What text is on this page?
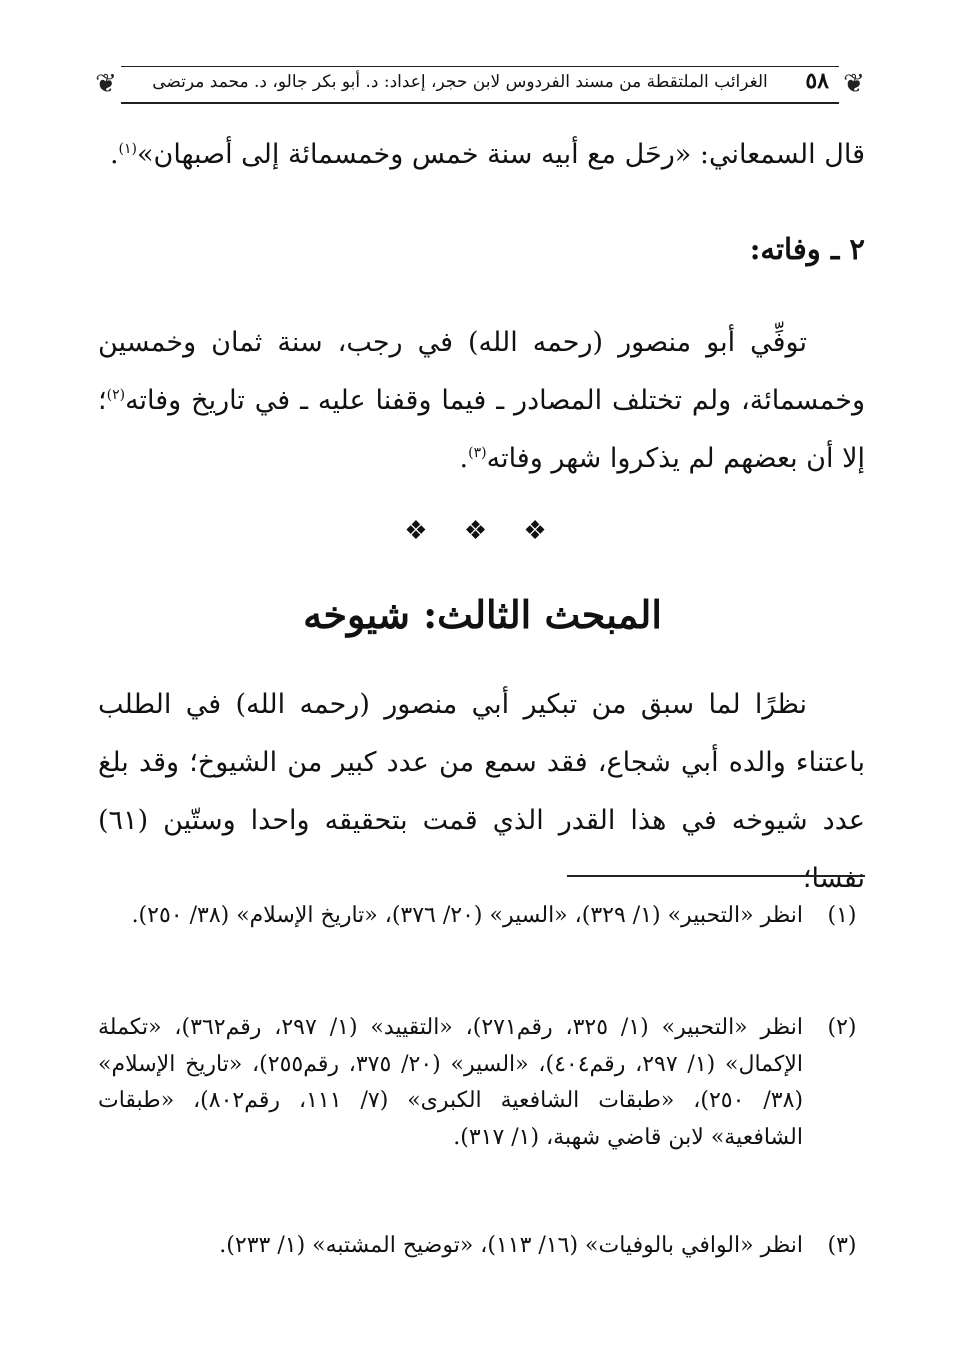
❦
❦	٥٨
الغرائب الملتقطة من مسند الفردوس لابن حجر، إعداد: د. أبو بكر جالو، د. محمد مرتضى
قال السمعاني: «رحَل مع أبيه سنة خمس وخمسمائة إلى أصبهان»$^{(١)}$.
٢ ـ وفاته:
توفِّي أبو منصور (رحمه الله) في رجب، سنة ثمان وخمسين وخمسمائة، ولم تختلف المصادر ـ فيما وقفنا عليه ـ في تاريخ وفاته$^{(٢)}$؛ إلا أن بعضهم لم يذكروا شهر وفاته$^{(٣)}$.
❖ ❖ ❖
المبحث الثالث: شيوخه
نظرًا لما سبق من تبكير أبي منصور (رحمه الله) في الطلب باعتناء والده أبي شجاع، فقد سمع من عدد كبير من الشيوخ؛ وقد بلغ عدد شيوخه في هذا القدر الذي قمت بتحقيقه واحدا وستّين (٦١) نفسا؛
(١)
انظر «التحبير» (١/ ٣٢٩)، «السير» (٢٠/ ٣٧٦)، «تاريخ الإسلام» (٣٨/ ٢٥٠).
(٢)
انظر «التحبير» (١/ ٣٢٥، رقم٢٧١)، «التقييد» (١/ ٢٩٧، رقم٣٦٢)، «تكملة الإكمال» (١/ ٢٩٧، رقم٤٠٤)، «السير» (٢٠/ ٣٧٥، رقم٢٥٥)، «تاريخ الإسلام» (٣٨/ ٢٥٠)، «طبقات الشافعية الكبرى» (٧/ ١١١، رقم٨٠٢)، «طبقات الشافعية» لابن قاضي شهبة، (١/ ٣١٧).
(٣)
انظر «الوافي بالوفيات» (١٦/ ١١٣)، «توضيح المشتبه» (١/ ٢٣٣).
